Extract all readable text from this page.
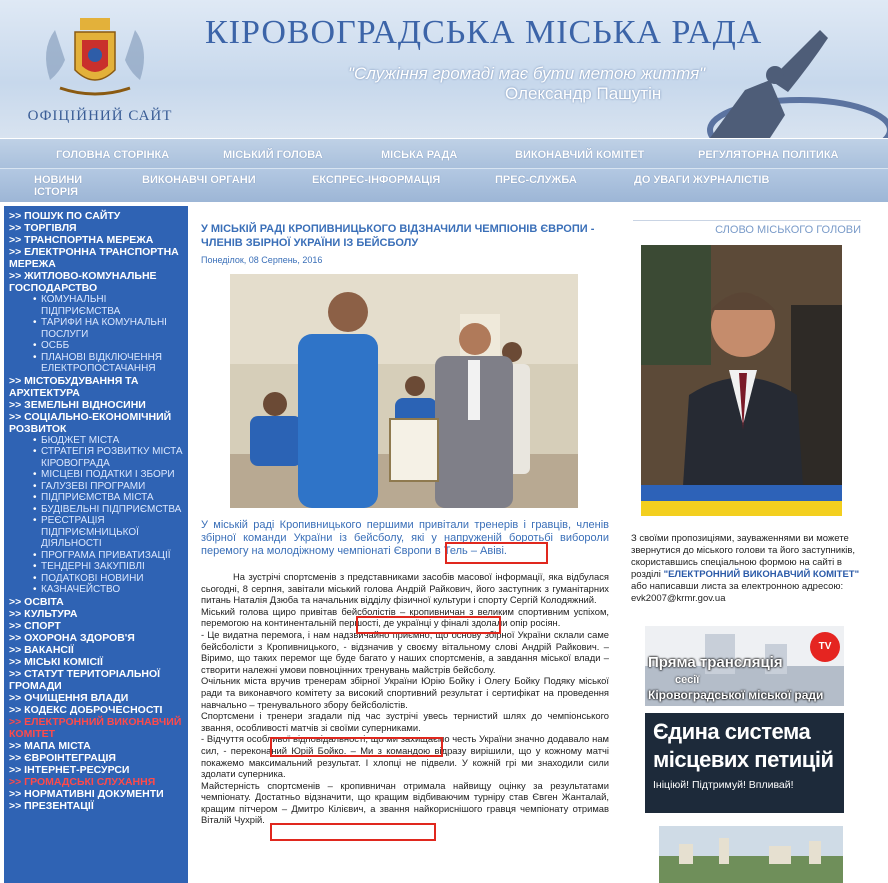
ОФІЦІЙНИЙ САЙТ
КІРОВОГРАДСЬКА МІСЬКА РАДА
"Служіння громаді має бути метою життя"
Олександр Пашутін
ГОЛОВНА СТОРІНКА	МІСЬКИЙ ГОЛОВА	МІСЬКА РАДА	ВИКОНАВЧИЙ КОМІТЕТ	РЕГУЛЯТОРНА ПОЛІТИКА
НОВИНИ
ІСТОРІЯ
ВИКОНАВЧІ ОРГАНИ	ЕКСПРЕС-ІНФОРМАЦІЯ	ПРЕС-СЛУЖБА	ДО УВАГИ ЖУРНАЛІСТІВ
>> ПОШУК ПО САЙТУ
>> ТОРГІВЛЯ
>> ТРАНСПОРТНА МЕРЕЖА
>> ЕЛЕКТРОННА ТРАНСПОРТНА МЕРЕЖА
>> ЖИТЛОВО-КОМУНАЛЬНЕ ГОСПОДАРСТВО
• КОМУНАЛЬНІ ПІДПРИЄМСТВА
• ТАРИФИ НА КОМУНАЛЬНІ ПОСЛУГИ
• ОСББ
• ПЛАНОВІ ВІДКЛЮЧЕННЯ ЕЛЕКТРОПОСТАЧАННЯ
>> МІСТОБУДУВАННЯ ТА АРХІТЕКТУРА
>> ЗЕМЕЛЬНІ ВІДНОСИНИ
>> СОЦІАЛЬНО-ЕКОНОМІЧНИЙ РОЗВИТОК
• БЮДЖЕТ МІСТА
• СТРАТЕГІЯ РОЗВИТКУ МІСТА КІРОВОГРАДА
• МІСЦЕВІ ПОДАТКИ І ЗБОРИ
• ГАЛУЗЕВІ ПРОГРАМИ
• ПІДПРИЄМСТВА МІСТА
• БУДІВЕЛЬНІ ПІДПРИЄМСТВА
• РЕЄСТРАЦІЯ ПІДПРИЄМНИЦЬКОЇ ДІЯЛЬНОСТІ
• ПРОГРАМА ПРИВАТИЗАЦІЇ
• ТЕНДЕРНІ ЗАКУПІВЛІ
• ПОДАТКОВІ НОВИНИ
• КАЗНАЧЕЙСТВО
>> ОСВІТА
>> КУЛЬТУРА
>> СПОРТ
>> ОХОРОНА ЗДОРОВ'Я
>> ВАКАНСІЇ
>> МІСЬКІ КОМІСІЇ
>> СТАТУТ ТЕРИТОРІАЛЬНОЇ ГРОМАДИ
>> ОЧИЩЕННЯ ВЛАДИ
>> КОДЕКС ДОБРОЧЕСНОСТІ
>> ЕЛЕКТРОННИЙ ВИКОНАВЧИЙ КОМІТЕТ
>> МАПА МІСТА
>> ЄВРОІНТЕГРАЦІЯ
>> ІНТЕРНЕТ-РЕСУРСИ
>> ГРОМАДСЬКІ СЛУХАННЯ
>> НОРМАТИВНІ ДОКУМЕНТИ
>> ПРЕЗЕНТАЦІЇ
У МІСЬКІЙ РАДІ КРОПИВНИЦЬКОГО ВІДЗНАЧИЛИ ЧЕМПІОНІВ ЄВРОПИ - ЧЛЕНІВ ЗБІРНОЇ УКРАЇНИ ІЗ БЕЙСБОЛУ
Понеділок, 08 Серпень, 2016
У міській раді Кропивницького першими привітали тренерів і гравців, членів збірної команди України із бейсболу, які у напруженій боротьбі вибороли перемогу на молодіжному чемпіонаті Європи в Тель – Авіві.

На зустрічі спортсменів з представниками засобів масової інформації, яка відбулася сьогодні, 8 серпня, завітали міський голова Андрій Райкович, його заступник з гуманітарних питань Наталія Дзюба та начальник відділу фізичної культури і спорту Сергій Колодяжний.

Міський голова щиро привітав бейсболістів – кропивничан з великим спортивним успіхом, перемогою на континентальній першості, де українці у фіналі здолали опір росіян.

- Це видатна перемога, і нам надзвичайно приємно, що основу збірної України склали саме бейсболісти з Кропивницького, - відзначив у своєму вітальному слові Андрій Райкович. – Віримо, що таких перемог ще буде багато у наших спортсменів, а завдання міської влади – створити належні умови повноцінних тренувань майстрів бейсболу.

Очільник міста вручив тренерам збірної України Юрію Бойку і Олегу Бойку Подяку міської ради та виконавчого комітету за високий спортивний результат і сертифікат на проведення навчально – тренувального збору бейсболістів.

Спортсмени і тренери згадали під час зустрічі увесь тернистий шлях до чемпіонського звання, особливості матчів зі своїми суперниками.

- Відчуття особливої відповідальності, що ми захищаємо честь України значно додавало нам сил, - переконаний Юрій Бойко. – Ми з командою відразу вирішили, що у кожному матчі покажемо максимальний результат. І хлопці не підвели. У кожній грі ми знаходили сили здолати суперника.

Майстерність спортсменів – кропивничан отримала найвищу оцінку за результатами чемпіонату. Достатньо відзначити, що кращим відбиваючим турніру став Євген Жанталай, кращим пітчером – Дмитро Кілієвич, а звання найкориснішого гравця чемпіонату отримав Віталій Чухрій.

СЛОВО МІСЬКОГО ГОЛОВИ
З своїми пропозиціями, зауваженнями ви можете звернутися до міського голови та його заступників, скориставшись спеціальною формою на сайті в розділі "ЕЛЕКТРОННИЙ ВИКОНАВЧИЙ КОМІТЕТ" або написавши листа за електронною адресою:
evk2007@krmr.gov.ua
TV
Пряма трансляція
сесії
Кіровоградської міської ради
Єдина система
місцевих петицій
Ініціюй! Підтримуй! Впливай!
